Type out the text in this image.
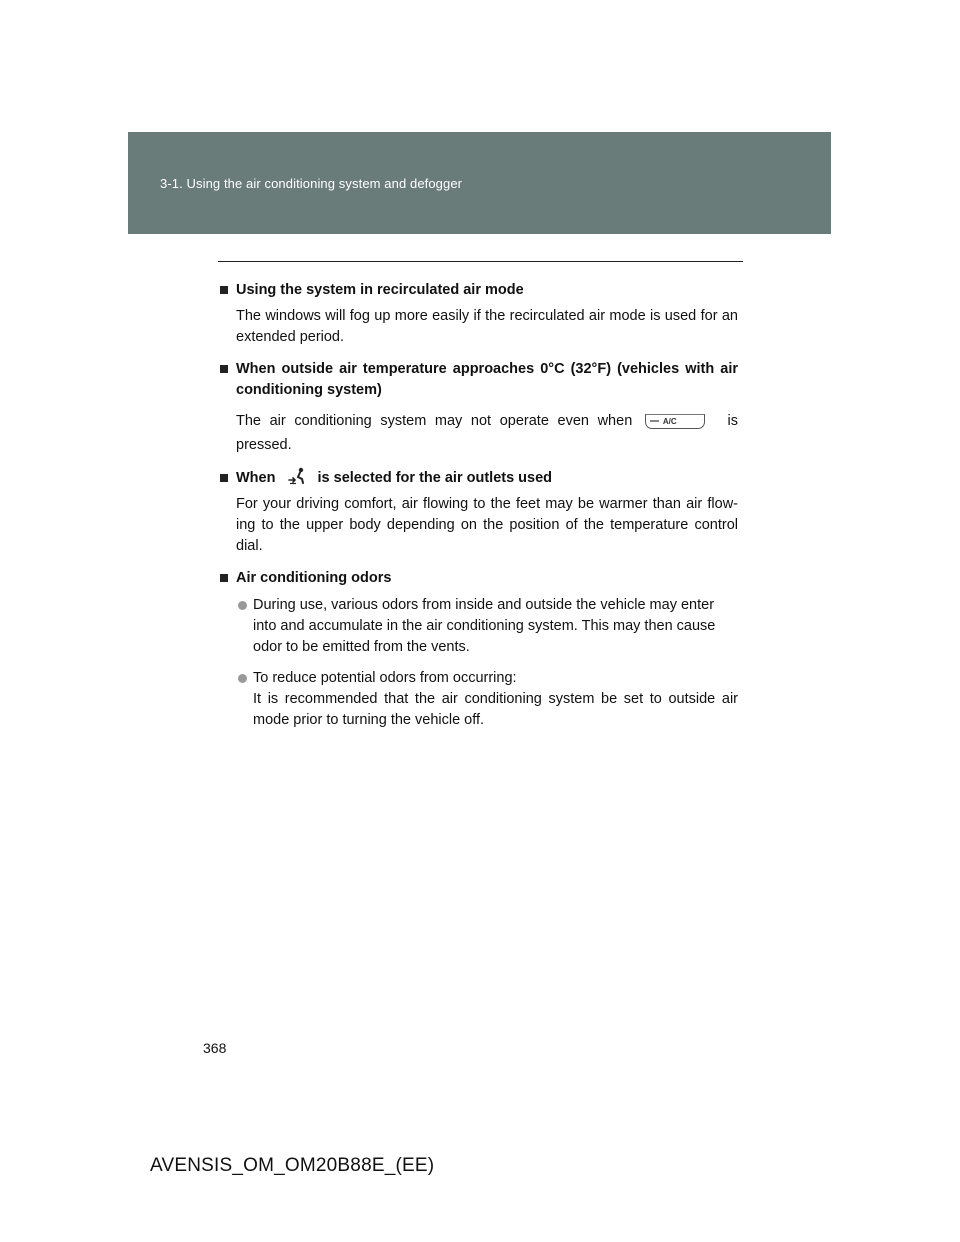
3-1. Using the air conditioning system and defogger
Using the system in recirculated air mode
The windows will fog up more easily if the recirculated air mode is used for an extended period.
When outside air temperature approaches 0°C (32°F) (vehicles with air conditioning system)
The air conditioning system may not operate even when	A/C	is pressed.
When	is selected for the air outlets used
For your driving comfort, air flowing to the feet may be warmer than air flow- ing to the upper body depending on the position of the temperature control dial.
Air conditioning odors
During use, various odors from inside and outside the vehicle may enter into and accumulate in the air conditioning system. This may then cause odor to be emitted from the vents.
To reduce potential odors from occurring:
It is recommended that the air conditioning system be set to outside air mode prior to turning the vehicle off.
368
AVENSIS_OM_OM20B88E_(EE)
